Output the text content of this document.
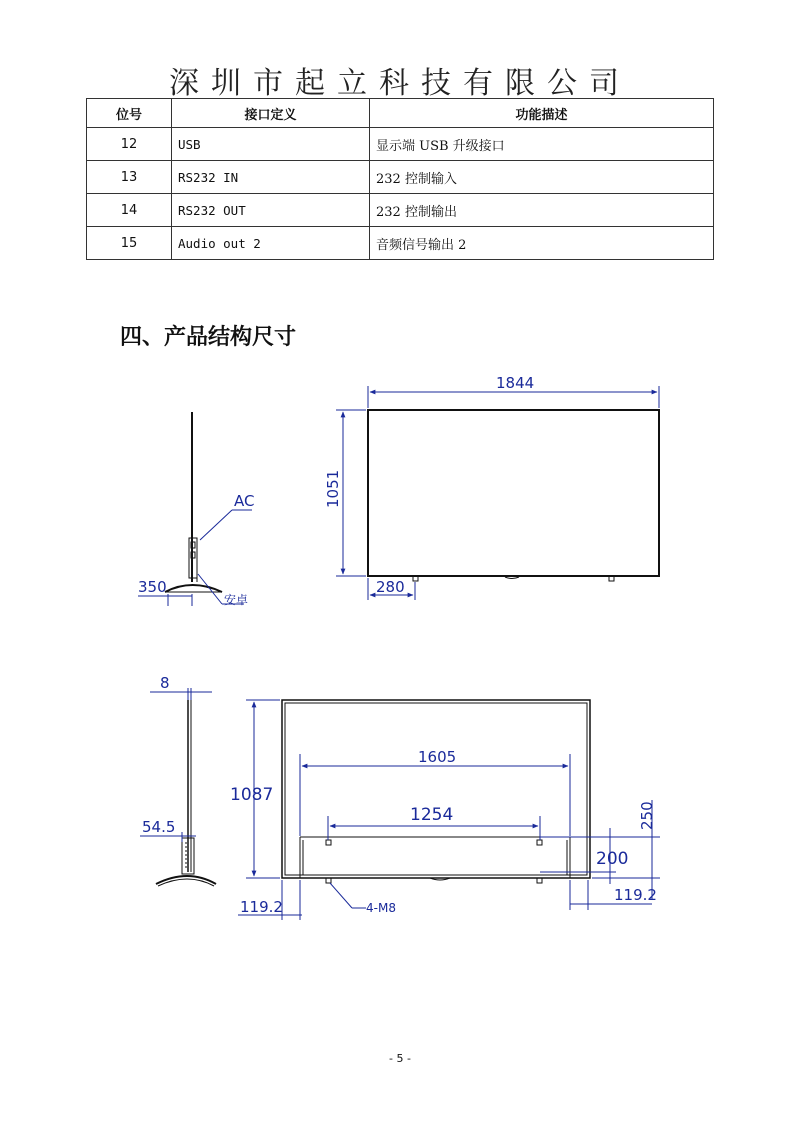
深圳市起立科技有限公司
位号	接口定义	功能描述
12	USB	显示端 USB 升级接口
13	RS232 IN	232 控制输入
14	RS232 OUT	232 控制输出
15	Audio out 2	音频信号输出 2
四、产品结构尺寸
AC
安卓
350
1844
1051
280
8
54.5
1087
1605
1254	250
200
119.2
119.2
4-M8
- 5 -
